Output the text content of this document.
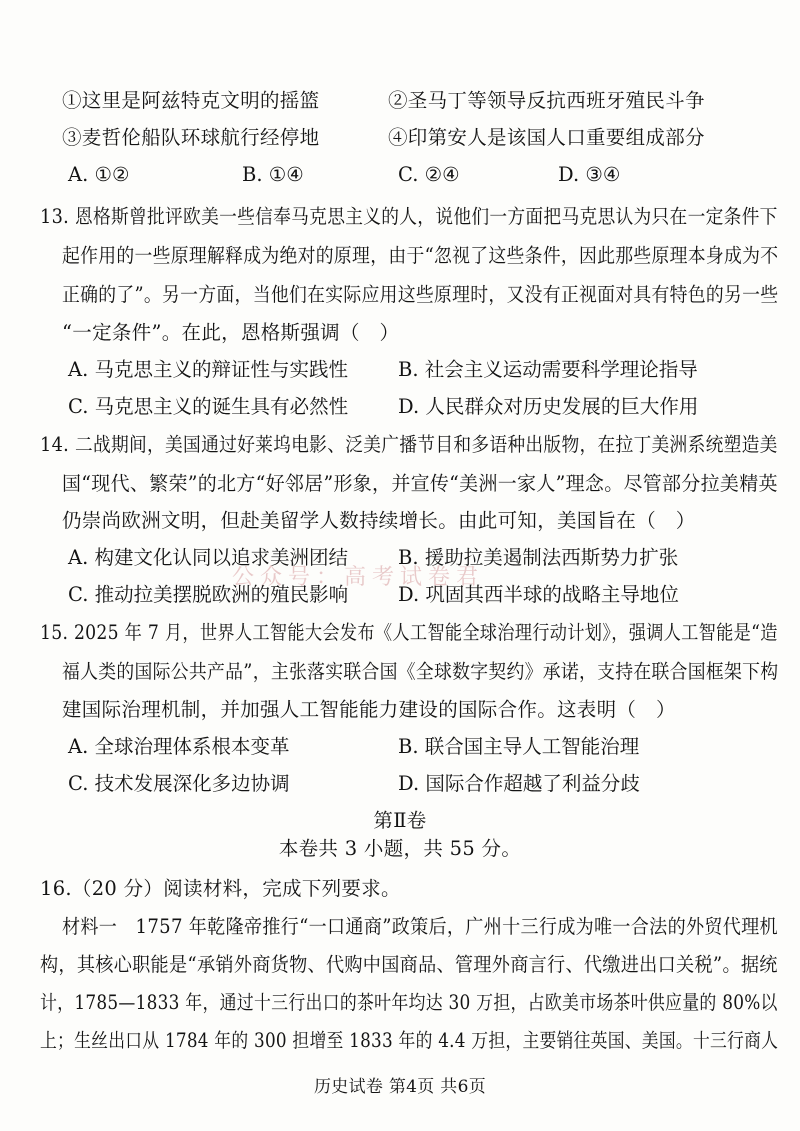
①这里是阿兹特克文明的摇篮	②圣马丁等领导反抗西班牙殖民斗争
③麦哲伦船队环球航行经停地	④印第安人是该国人口重要组成部分
A. ①②	B. ①④	C. ②④	D. ③④
13. 恩格斯曾批评欧美一些信奉马克思主义的人，说他们一方面把马克思认为只在一定条件下
起作用的一些原理解释成为绝对的原理，由于“忽视了这些条件，因此那些原理本身成为不
正确的了”。另一方面，当他们在实际应用这些原理时，又没有正视面对具有特色的另一些
“一定条件”。在此，恩格斯强调（　）
A. 马克思主义的辩证性与实践性	B. 社会主义运动需要科学理论指导
C. 马克思主义的诞生具有必然性	D. 人民群众对历史发展的巨大作用
14. 二战期间，美国通过好莱坞电影、泛美广播节目和多语种出版物，在拉丁美洲系统塑造美
国“现代、繁荣”的北方“好邻居”形象，并宣传“美洲一家人”理念。尽管部分拉美精英
仍崇尚欧洲文明，但赴美留学人数持续增长。由此可知，美国旨在（　）
A. 构建文化认同以追求美洲团结	B. 援助拉美遏制法西斯势力扩张
C. 推动拉美摆脱欧洲的殖民影响	D. 巩固其西半球的战略主导地位
公众号：高考试卷君
15. 2025 年 7 月，世界人工智能大会发布《人工智能全球治理行动计划》，强调人工智能是“造
福人类的国际公共产品”，主张落实联合国《全球数字契约》承诺，支持在联合国框架下构
建国际治理机制，并加强人工智能能力建设的国际合作。这表明（　）
A. 全球治理体系根本变革	B. 联合国主导人工智能治理
C. 技术发展深化多边协调	D. 国际合作超越了利益分歧
第Ⅱ卷
本卷共 3 小题，共 55 分。
16.（20 分）阅读材料，完成下列要求。
材料一　1757 年乾隆帝推行“一口通商”政策后，广州十三行成为唯一合法的外贸代理机
构，其核心职能是“承销外商货物、代购中国商品、管理外商言行、代缴进出口关税”。据统
计，1785—1833 年，通过十三行出口的茶叶年均达 30 万担，占欧美市场茶叶供应量的 80%以
上；生丝出口从 1784 年的 300 担增至 1833 年的 4.4 万担，主要销往英国、美国。十三行商人
历史试卷 第4页 共6页
